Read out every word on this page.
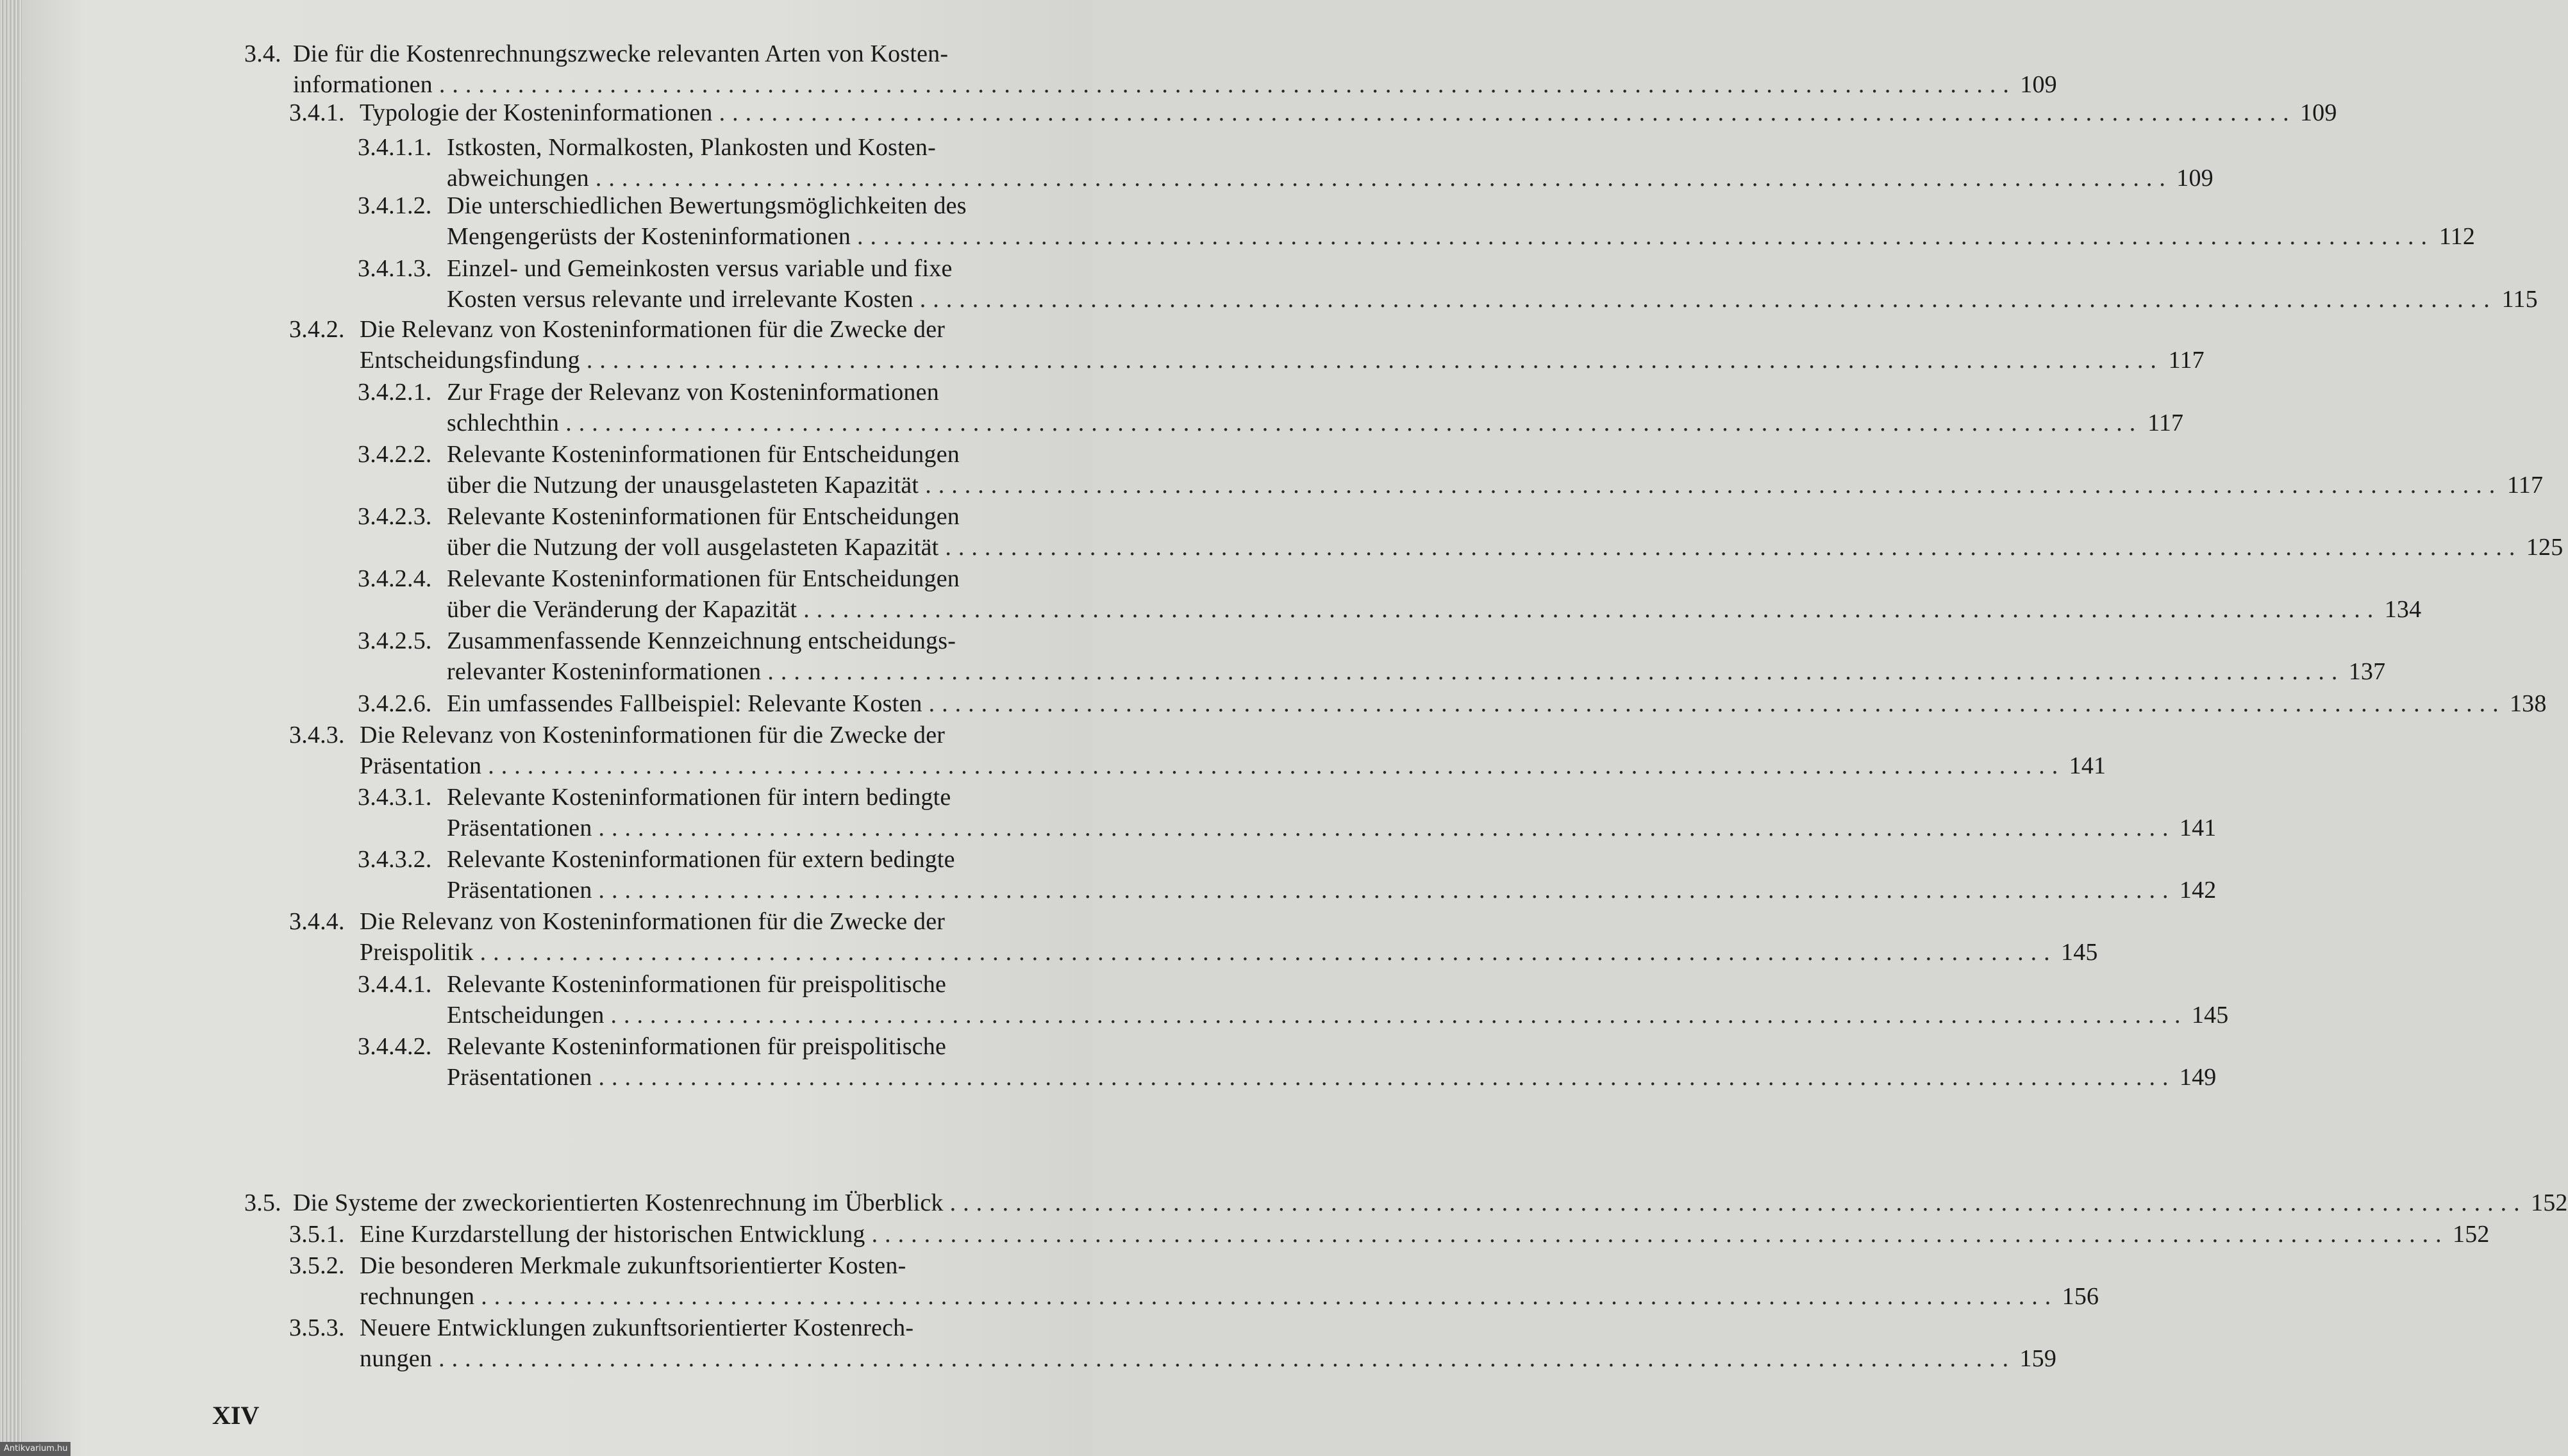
3.4. Die für die Kostenrechnungszwecke relevanten Arten von Kosten-
informationen ........................................................................................................................ 109
3.4.1. Typologie der Kosteninformationen ........................................................................................................................ 109
3.4.1.1. Istkosten, Normalkosten, Plankosten und Kosten-
abweichungen ........................................................................................................................ 109
3.4.1.2. Die unterschiedlichen Bewertungsmöglichkeiten des
Mengengerüsts der Kosteninformationen ........................................................................................................................ 112
3.4.1.3. Einzel- und Gemeinkosten versus variable und fixe
Kosten versus relevante und irrelevante Kosten ........................................................................................................................ 115
3.4.2. Die Relevanz von Kosteninformationen für die Zwecke der
Entscheidungsfindung ........................................................................................................................ 117
3.4.2.1. Zur Frage der Relevanz von Kosteninformationen
schlechthin ........................................................................................................................ 117
3.4.2.2. Relevante Kosteninformationen für Entscheidungen
über die Nutzung der unausgelasteten Kapazität ........................................................................................................................ 117
3.4.2.3. Relevante Kosteninformationen für Entscheidungen
über die Nutzung der voll ausgelasteten Kapazität ........................................................................................................................ 125
3.4.2.4. Relevante Kosteninformationen für Entscheidungen
über die Veränderung der Kapazität ........................................................................................................................ 134
3.4.2.5. Zusammenfassende Kennzeichnung entscheidungs-
relevanter Kosteninformationen ........................................................................................................................ 137
3.4.2.6. Ein umfassendes Fallbeispiel: Relevante Kosten ........................................................................................................................ 138
3.4.3. Die Relevanz von Kosteninformationen für die Zwecke der
Präsentation ........................................................................................................................ 141
3.4.3.1. Relevante Kosteninformationen für intern bedingte
Präsentationen ........................................................................................................................ 141
3.4.3.2. Relevante Kosteninformationen für extern bedingte
Präsentationen ........................................................................................................................ 142
3.4.4. Die Relevanz von Kosteninformationen für die Zwecke der
Preispolitik ........................................................................................................................ 145
3.4.4.1. Relevante Kosteninformationen für preispolitische
Entscheidungen ........................................................................................................................ 145
3.4.4.2. Relevante Kosteninformationen für preispolitische
Präsentationen ........................................................................................................................ 149
3.5. Die Systeme der zweckorientierten Kostenrechnung im Überblick ........................................................................................................................ 152
3.5.1. Eine Kurzdarstellung der historischen Entwicklung ........................................................................................................................ 152
3.5.2. Die besonderen Merkmale zukunftsorientierter Kosten-
rechnungen ........................................................................................................................ 156
3.5.3. Neuere Entwicklungen zukunftsorientierter Kostenrech-
nungen ........................................................................................................................ 159
XIV
Antikvarium.hu
